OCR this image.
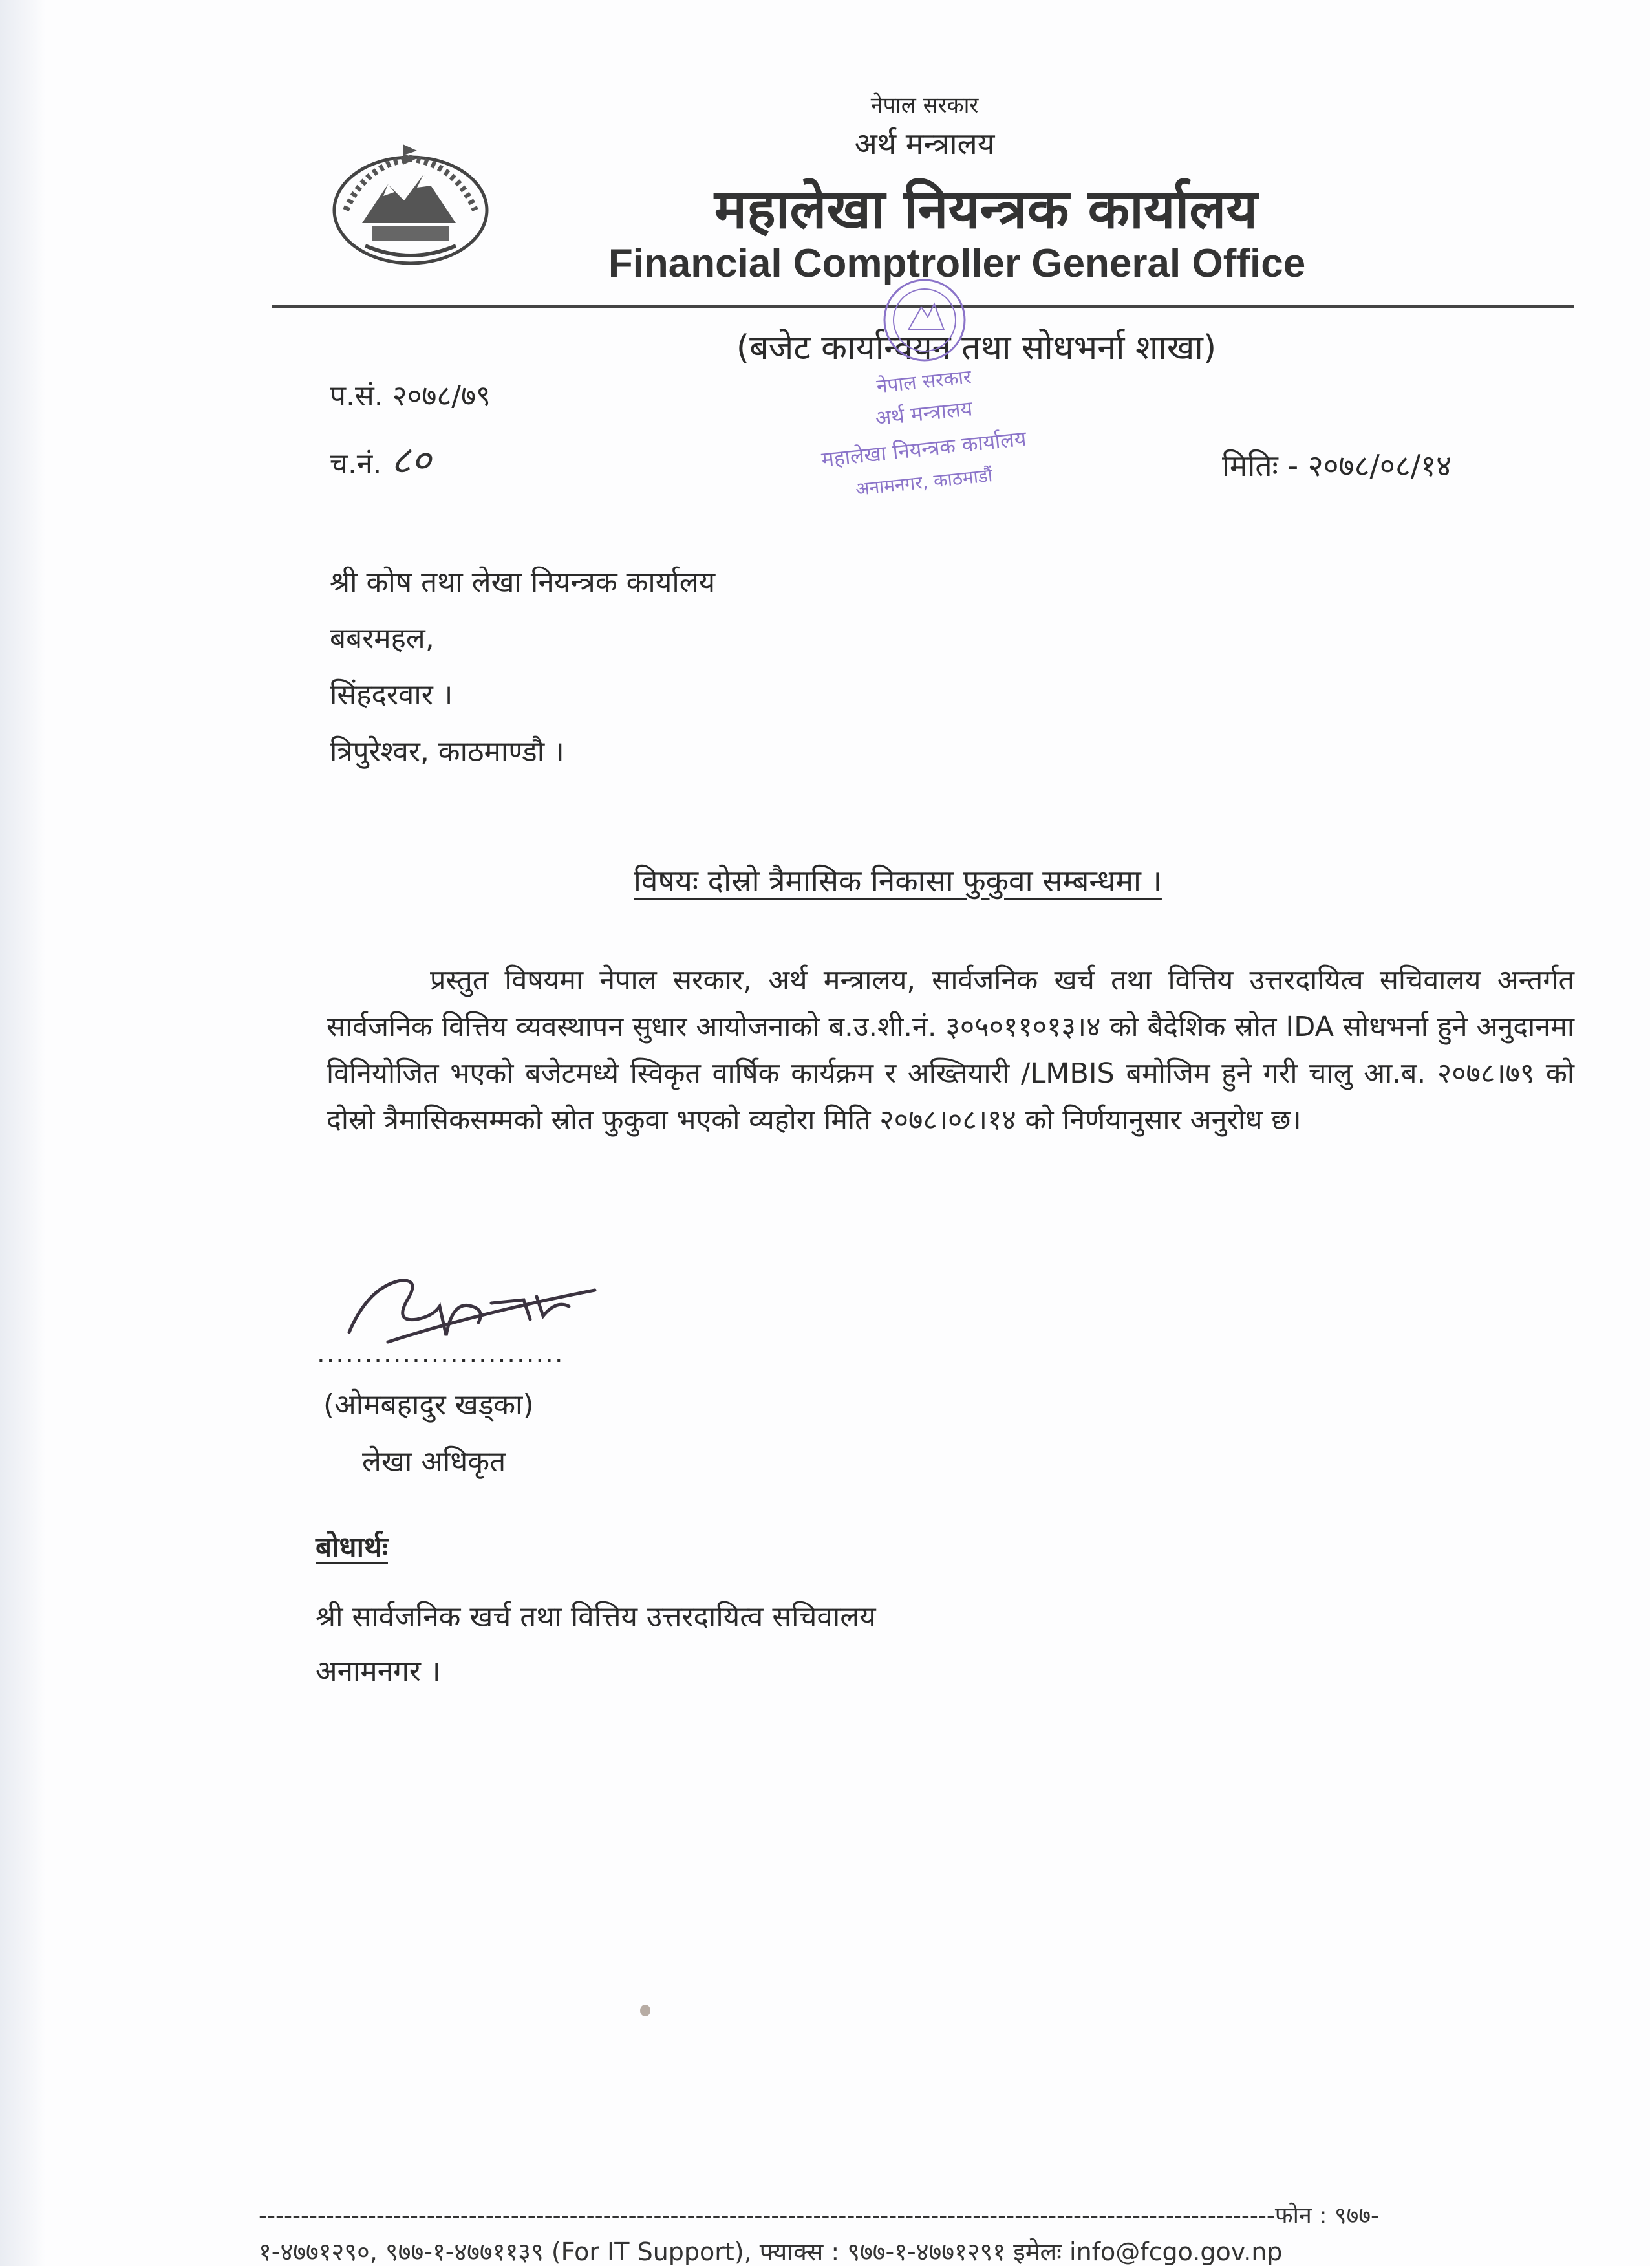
नेपाल सरकार
अर्थ मन्त्रालय
महालेखा नियन्त्रक कार्यालय
Financial Comptroller General Office
(बजेट कार्यान्वयन तथा सोधभर्ना शाखा)
नेपाल सरकार
अर्थ मन्त्रालय
महालेखा नियन्त्रक कार्यालय
अनामनगर, काठमाडौं
प.सं. २०७८/७९
च.नं. ८०	मितिः - २०७८/०८/१४
श्री कोष तथा लेखा नियन्त्रक कार्यालय
बबरमहल,
सिंहदरवार ।
त्रिपुरेश्वर, काठमाण्डौ ।
विषयः दोस्रो त्रैमासिक निकासा फुकुवा सम्बन्धमा ।
प्रस्तुत विषयमा नेपाल सरकार, अर्थ मन्त्रालय, सार्वजनिक खर्च तथा वित्तिय उत्तरदायित्व सचिवालय अन्तर्गत सार्वजनिक वित्तिय व्यवस्थापन सुधार आयोजनाको ब.उ.शी.नं. ३०५०११०१३।४ को बैदेशिक स्रोत IDA सोधभर्ना हुने अनुदानमा विनियोजित भएको बजेटमध्ये स्विकृत वार्षिक कार्यक्रम र अख्तियारी /LMBIS बमोजिम हुने गरी चालु आ.ब. २०७८।७९ को दोस्रो त्रैमासिकसम्मको स्रोत फुकुवा भएको व्यहोरा मिति २०७८।०८।१४ को निर्णयानुसार अनुरोध छ।
..........................
(ओमबहादुर खड्का)
लेखा अधिकृत
बोधार्थः
श्री सार्वजनिक खर्च तथा वित्तिय उत्तरदायित्व सचिवालय
अनामनगर ।
-------------------------------------------------------------------------------------------------------------------------फोन : ९७७-
१-४७७१२९०, ९७७-१-४७७११३९ (For IT Support), फ्याक्स : ९७७-१-४७७१२९१ इमेलः info@fcgo.gov.np
